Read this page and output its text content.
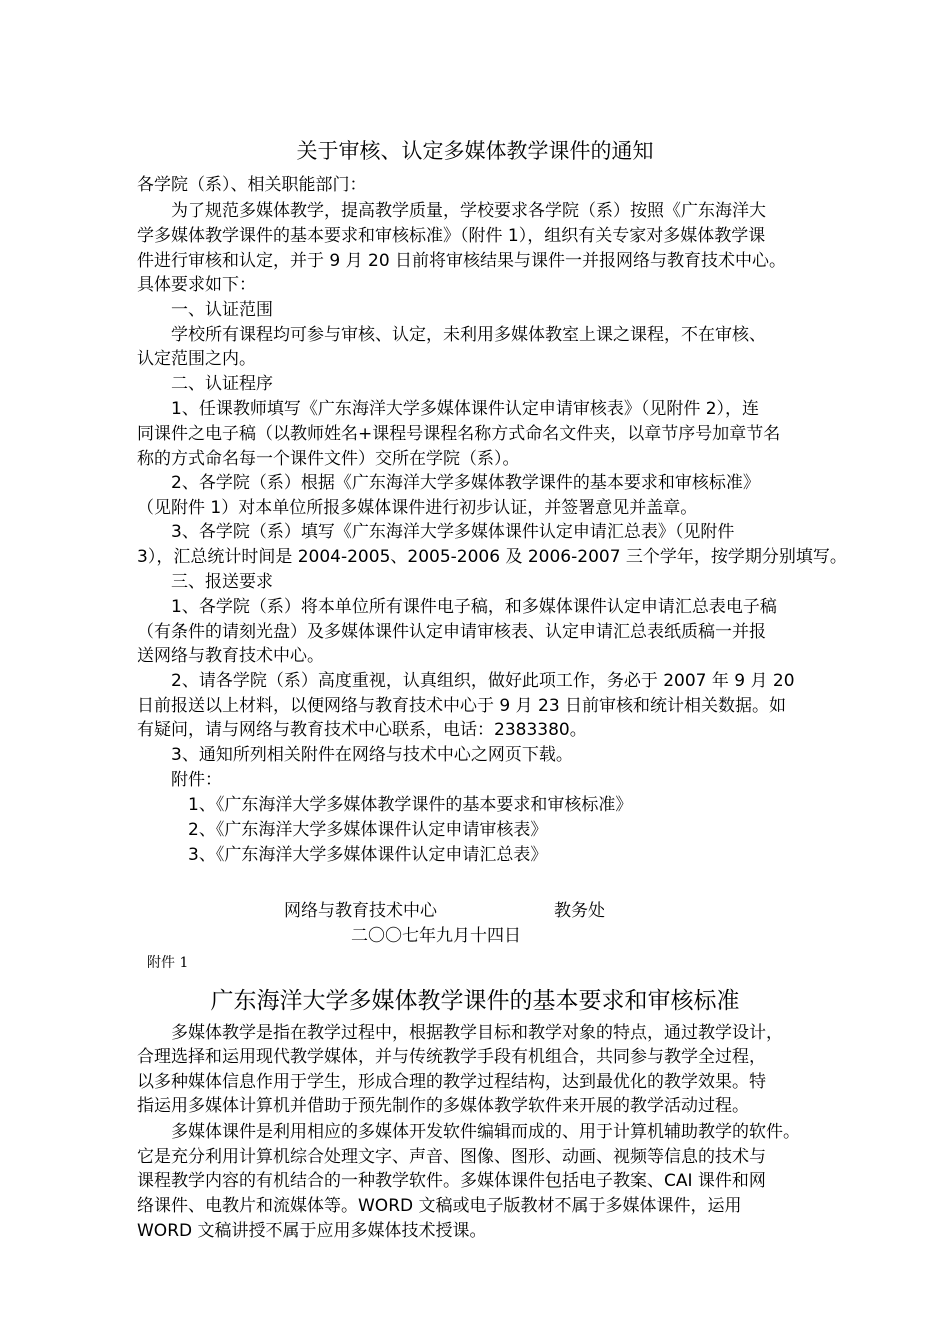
关于审核、认定多媒体教学课件的通知
各学院（系）、相关职能部门：
　　为了规范多媒体教学，提高教学质量，学校要求各学院（系）按照《广东海洋大
学多媒体教学课件的基本要求和审核标准》（附件 1），组织有关专家对多媒体教学课
件进行审核和认定，并于 9 月 20 日前将审核结果与课件一并报网络与教育技术中心。
具体要求如下：
　　一、认证范围
　　学校所有课程均可参与审核、认定，未利用多媒体教室上课之课程，不在审核、
认定范围之内。
　　二、认证程序
　　1、任课教师填写《广东海洋大学多媒体课件认定申请审核表》（见附件 2），连
同课件之电子稿（以教师姓名+课程号课程名称方式命名文件夹，以章节序号加章节名
称的方式命名每一个课件文件）交所在学院（系）。
　　2、各学院（系）根据《广东海洋大学多媒体教学课件的基本要求和审核标准》
（见附件 1）对本单位所报多媒体课件进行初步认证，并签署意见并盖章。
　　3、各学院（系）填写《广东海洋大学多媒体课件认定申请汇总表》（见附件
3），汇总统计时间是 2004-2005、2005-2006 及 2006-2007 三个学年，按学期分别填写。
　　三、报送要求
　　1、各学院（系）将本单位所有课件电子稿，和多媒体课件认定申请汇总表电子稿
（有条件的请刻光盘）及多媒体课件认定申请审核表、认定申请汇总表纸质稿一并报
送网络与教育技术中心。
　　2、请各学院（系）高度重视，认真组织，做好此项工作，务必于 2007 年 9 月 20
日前报送以上材料，以便网络与教育技术中心于 9 月 23 日前审核和统计相关数据。如
有疑问，请与网络与教育技术中心联系，电话：2383380。
　　3、通知所列相关附件在网络与技术中心之网页下载。
　　附件：
　　　1、《广东海洋大学多媒体教学课件的基本要求和审核标准》
　　　2、《广东海洋大学多媒体课件认定申请审核表》
　　　3、《广东海洋大学多媒体课件认定申请汇总表》
网络与教育技术中心	教务处
二〇〇七年九月十四日
附件 1
广东海洋大学多媒体教学课件的基本要求和审核标准
　　多媒体教学是指在教学过程中，根据教学目标和教学对象的特点，通过教学设计，
合理选择和运用现代教学媒体，并与传统教学手段有机组合，共同参与教学全过程，
以多种媒体信息作用于学生，形成合理的教学过程结构，达到最优化的教学效果。特
指运用多媒体计算机并借助于预先制作的多媒体教学软件来开展的教学活动过程。
　　多媒体课件是利用相应的多媒体开发软件编辑而成的、用于计算机辅助教学的软件。
它是充分利用计算机综合处理文字、声音、图像、图形、动画、视频等信息的技术与
课程教学内容的有机结合的一种教学软件。多媒体课件包括电子教案、CAI 课件和网
络课件、电教片和流媒体等。WORD 文稿或电子版教材不属于多媒体课件，运用
WORD 文稿讲授不属于应用多媒体技术授课。
